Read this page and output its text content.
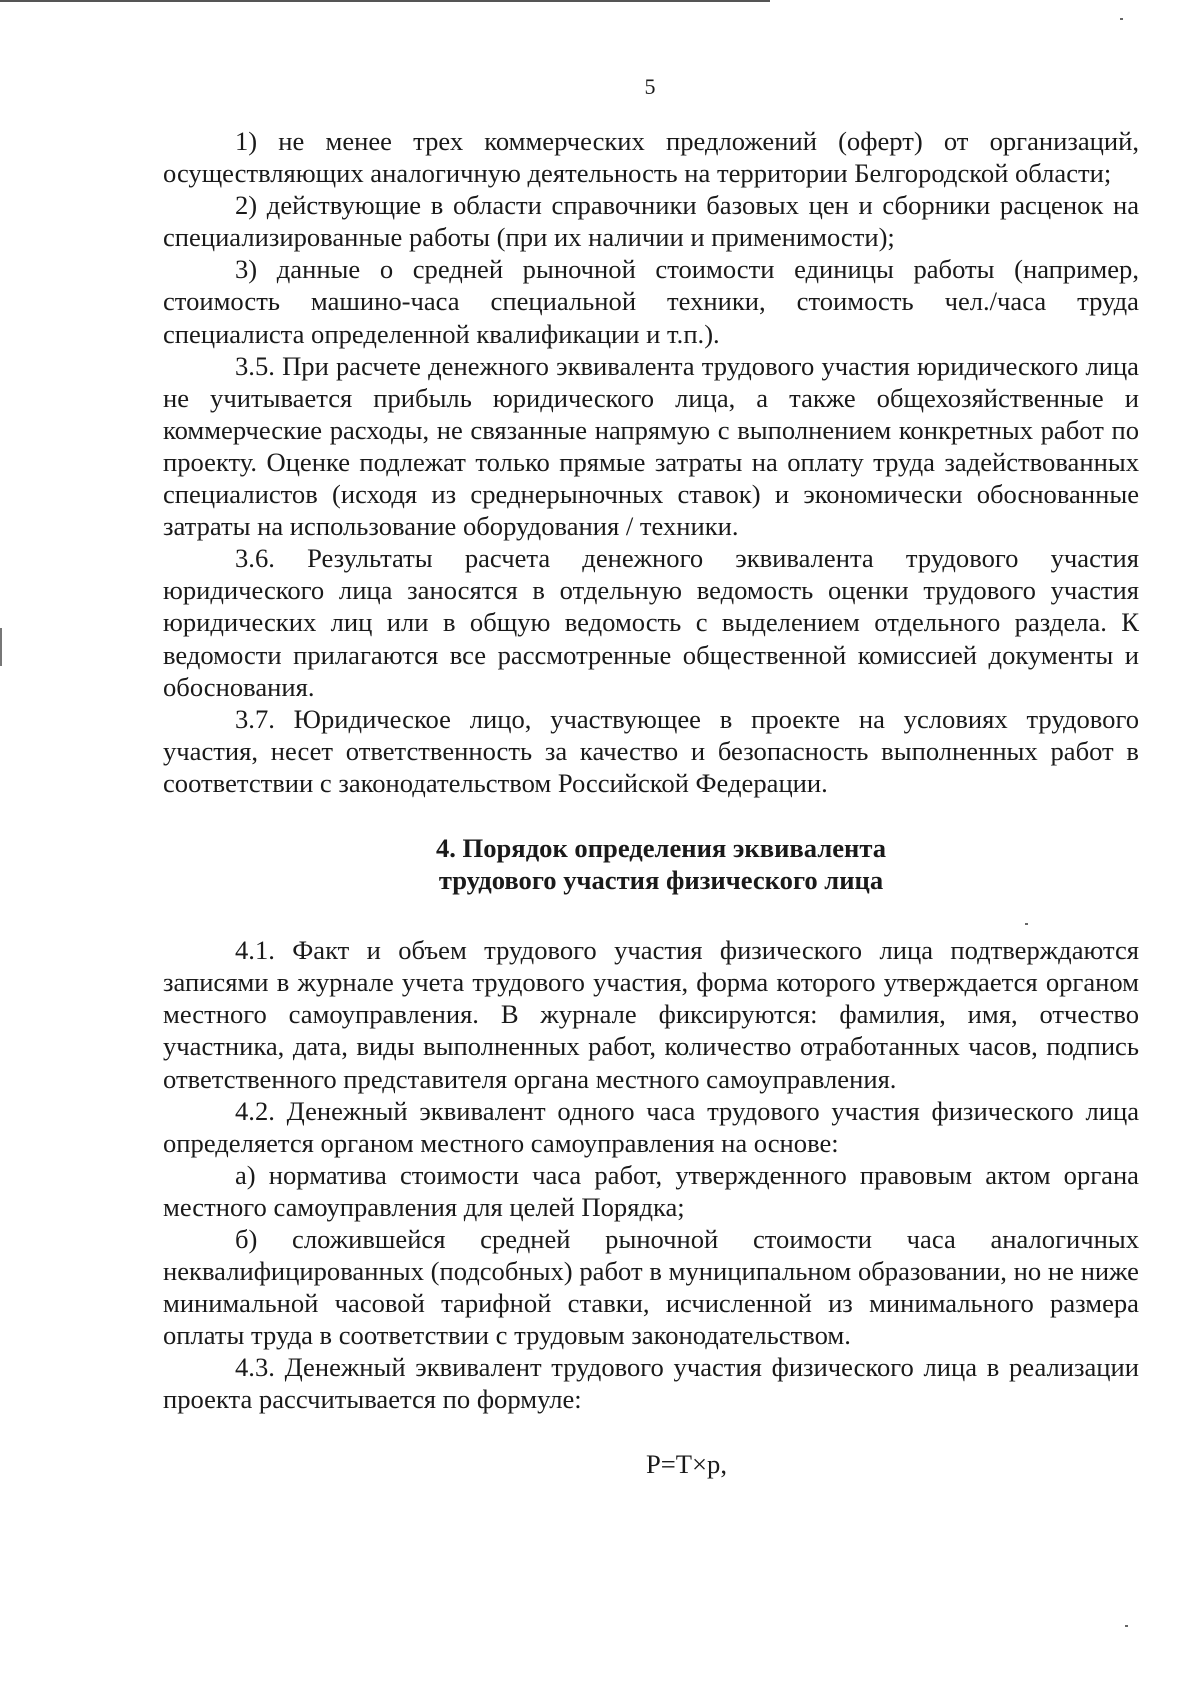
5

1) не менее трех коммерческих предложений (оферт) от организаций, осуществляющих аналогичную деятельность на территории Белгородской области;

2) действующие в области справочники базовых цен и сборники расценок на специализированные работы (при их наличии и применимости);

3) данные о средней рыночной стоимости единицы работы (например, стоимость машино-часа специальной техники, стоимость чел./часа труда специалиста определенной квалификации и т.п.).

3.5. При расчете денежного эквивалента трудового участия юридического лица не учитывается прибыль юридического лица, а также общехозяйственные и коммерческие расходы, не связанные напрямую с выполнением конкретных работ по проекту. Оценке подлежат только прямые затраты на оплату труда задействованных специалистов (исходя из среднерыночных ставок) и экономически обоснованные затраты на использование оборудования / техники.

3.6. Результаты расчета денежного эквивалента трудового участия юридического лица заносятся в отдельную ведомость оценки трудового участия юридических лиц или в общую ведомость с выделением отдельного раздела. К ведомости прилагаются все рассмотренные общественной комиссией документы и обоснования.

3.7. Юридическое лицо, участвующее в проекте на условиях трудового участия, несет ответственность за качество и безопасность выполненных работ в соответствии с законодательством Российской Федерации.

4. Порядок определения эквивалента
трудового участия физического лица

4.1. Факт и объем трудового участия физического лица подтверждаются записями в журнале учета трудового участия, форма которого утверждается органом местного самоуправления. В журнале фиксируются: фамилия, имя, отчество участника, дата, виды выполненных работ, количество отработанных часов, подпись ответственного представителя органа местного самоуправления.

4.2. Денежный эквивалент одного часа трудового участия физического лица определяется органом местного самоуправления на основе:

а) норматива стоимости часа работ, утвержденного правовым актом органа местного самоуправления для целей Порядка;

б) сложившейся средней рыночной стоимости часа аналогичных неквалифицированных (подсобных) работ в муниципальном образовании, но не ниже минимальной часовой тарифной ставки, исчисленной из минимального размера оплаты труда в соответствии с трудовым законодательством.

4.3. Денежный эквивалент трудового участия физического лица в реализации проекта рассчитывается по формуле:

P=T×p,
